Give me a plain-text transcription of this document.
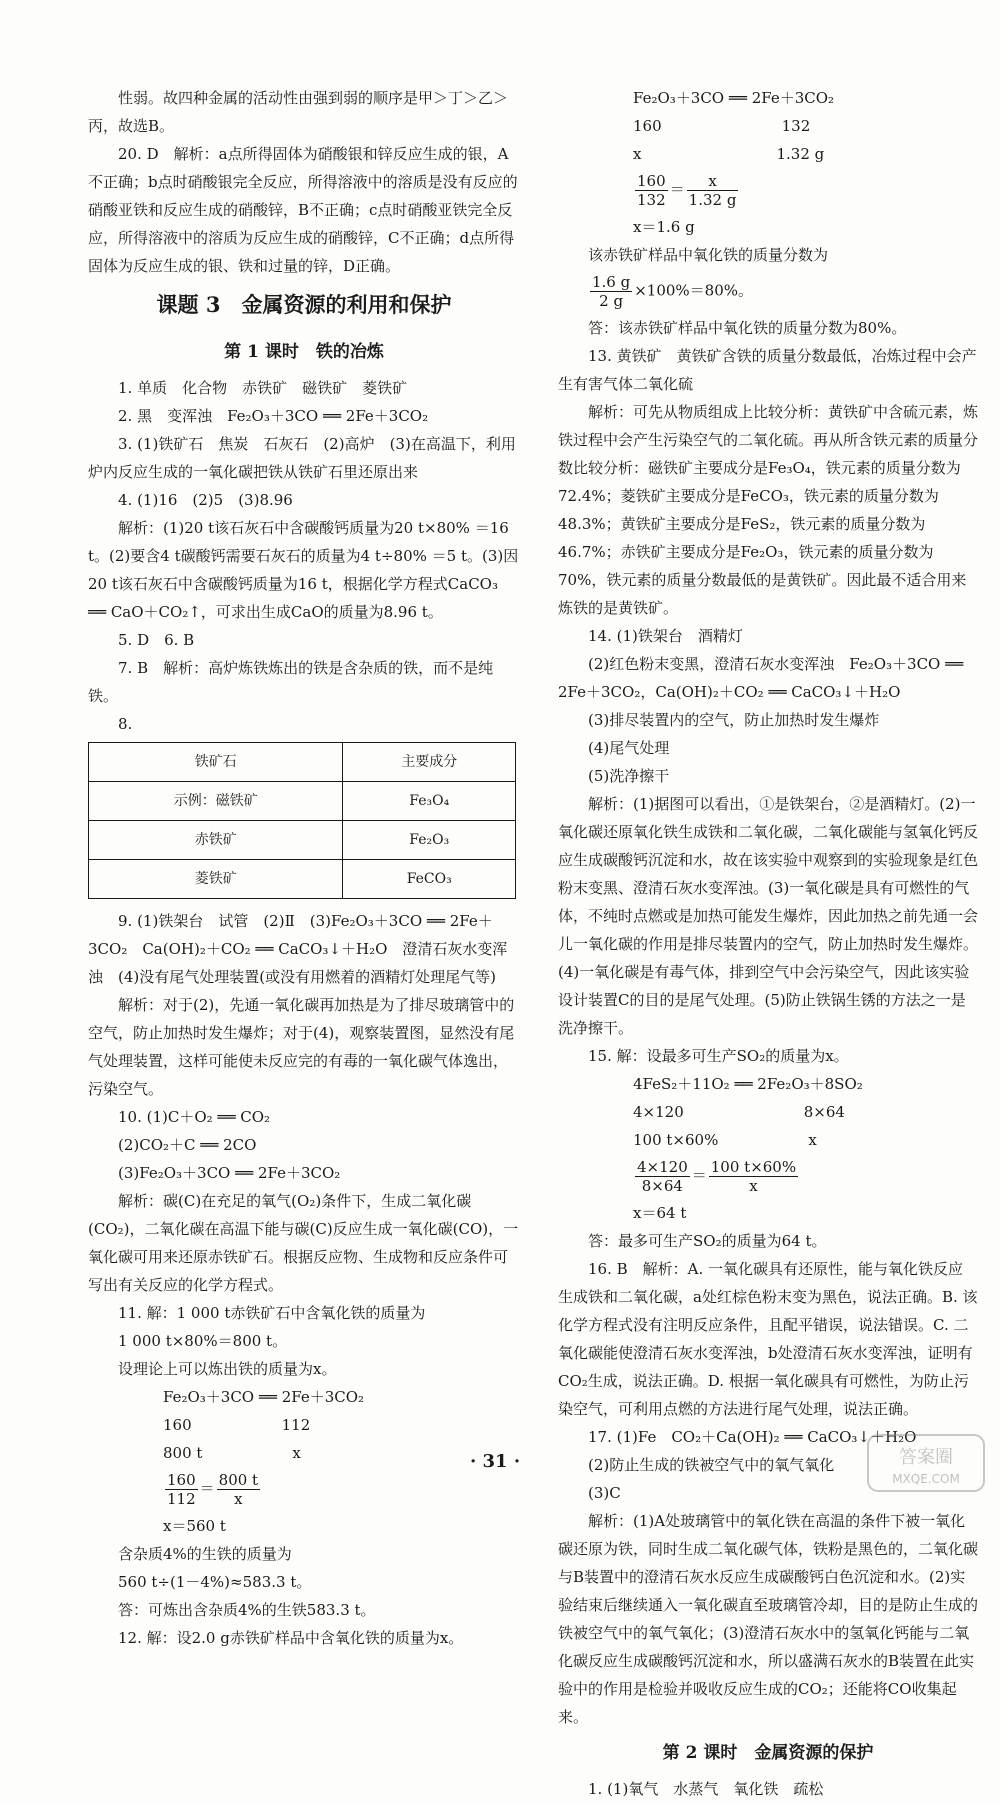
性弱。故四种金属的活动性由强到弱的顺序是甲＞丁＞乙＞丙，故选B。

20. D　解析：a点所得固体为硝酸银和锌反应生成的银，A不正确；b点时硝酸银完全反应，所得溶液中的溶质是没有反应的硝酸亚铁和反应生成的硝酸锌，B不正确；c点时硝酸亚铁完全反应，所得溶液中的溶质为反应生成的硝酸锌，C不正确；d点所得固体为反应生成的银、铁和过量的锌，D正确。

课题 3　金属资源的利用和保护
第 1 课时　铁的冶炼

1. 单质　化合物　赤铁矿　磁铁矿　菱铁矿

2. 黑　变浑浊　Fe₂O₃＋3CO ══ 2Fe＋3CO₂

3. (1)铁矿石　焦炭　石灰石　(2)高炉　(3)在高温下，利用炉内反应生成的一氧化碳把铁从铁矿石里还原出来

4. (1)16　(2)5　(3)8.96

解析：(1)20 t该石灰石中含碳酸钙质量为20 t×80% ＝16 t。(2)要含4 t碳酸钙需要石灰石的质量为4 t÷80% ＝5 t。(3)因20 t该石灰石中含碳酸钙质量为16 t，根据化学方程式CaCO₃ ══ CaO＋CO₂↑，可求出生成CaO的质量为8.96 t。

5. D　6. B

7. B　解析：高炉炼铁炼出的铁是含杂质的铁，而不是纯铁。

8.

铁矿石	主要成分
示例：磁铁矿	Fe₃O₄
赤铁矿	Fe₂O₃
菱铁矿	FeCO₃

9. (1)铁架台　试管　(2)Ⅱ　(3)Fe₂O₃＋3CO ══ 2Fe＋3CO₂　Ca(OH)₂＋CO₂ ══ CaCO₃↓＋H₂O　澄清石灰水变浑浊　(4)没有尾气处理装置(或没有用燃着的酒精灯处理尾气等)

解析：对于(2)，先通一氧化碳再加热是为了排尽玻璃管中的空气，防止加热时发生爆炸；对于(4)，观察装置图，显然没有尾气处理装置，这样可能使未反应完的有毒的一氧化碳气体逸出，污染空气。

10. (1)C＋O₂ ══ CO₂

(2)CO₂＋C ══ 2CO

(3)Fe₂O₃＋3CO ══ 2Fe＋3CO₂

解析：碳(C)在充足的氧气(O₂)条件下，生成二氧化碳(CO₂)，二氧化碳在高温下能与碳(C)反应生成一氧化碳(CO)，一氧化碳可用来还原赤铁矿石。根据反应物、生成物和反应条件可写出有关反应的化学方程式。

11. 解：1 000 t赤铁矿石中含氧化铁的质量为

1 000 t×80%＝800 t。

设理论上可以炼出铁的质量为x。

Fe₂O₃＋3CO ══ 2Fe＋3CO₂

160　　　　　　112

800 t　　　　　　x

$\frac{160}{112} = \frac{800 t}{x}$

x＝560 t

含杂质4%的生铁的质量为

560 t÷(1－4%)≈583.3 t。

答：可炼出含杂质4%的生铁583.3 t。

12. 解：设2.0 g赤铁矿样品中含氧化铁的质量为x。

Fe₂O₃＋3CO ══ 2Fe＋3CO₂

160　　　　　　　　132

x　　　　　　　　　1.32 g

$\frac{160}{132} = \frac{x}{1.32 g}$

x＝1.6 g

该赤铁矿样品中氧化铁的质量分数为

$\frac{1.6 g}{2 g} \times 100\%=80\%$。

答：该赤铁矿样品中氧化铁的质量分数为80%。

13. 黄铁矿　黄铁矿含铁的质量分数最低，冶炼过程中会产生有害气体二氧化硫

解析：可先从物质组成上比较分析：黄铁矿中含硫元素，炼铁过程中会产生污染空气的二氧化硫。再从所含铁元素的质量分数比较分析：磁铁矿主要成分是Fe₃O₄，铁元素的质量分数为72.4%；菱铁矿主要成分是FeCO₃，铁元素的质量分数为48.3%；黄铁矿主要成分是FeS₂，铁元素的质量分数为46.7%；赤铁矿主要成分是Fe₂O₃，铁元素的质量分数为70%，铁元素的质量分数最低的是黄铁矿。因此最不适合用来炼铁的是黄铁矿。

14. (1)铁架台　酒精灯

(2)红色粉末变黑，澄清石灰水变浑浊　Fe₂O₃＋3CO ══ 2Fe＋3CO₂，Ca(OH)₂＋CO₂ ══ CaCO₃↓＋H₂O

(3)排尽装置内的空气，防止加热时发生爆炸

(4)尾气处理

(5)洗净擦干

解析：(1)据图可以看出，①是铁架台，②是酒精灯。(2)一氧化碳还原氧化铁生成铁和二氧化碳，二氧化碳能与氢氧化钙反应生成碳酸钙沉淀和水，故在该实验中观察到的实验现象是红色粉末变黑、澄清石灰水变浑浊。(3)一氧化碳是具有可燃性的气体，不纯时点燃或是加热可能发生爆炸，因此加热之前先通一会儿一氧化碳的作用是排尽装置内的空气，防止加热时发生爆炸。(4)一氧化碳是有毒气体，排到空气中会污染空气，因此该实验设计装置C的目的是尾气处理。(5)防止铁锅生锈的方法之一是洗净擦干。

15. 解：设最多可生产SO₂的质量为x。

4FeS₂＋11O₂ ══ 2Fe₂O₃＋8SO₂

4×120　　　　　　　　8×64

100 t×60%　　　　　　x

$\frac{4\times 120}{8\times 64} = \frac{100 t\times 60\%}{x}$

x＝64 t

答：最多可生产SO₂的质量为64 t。

16. B　解析：A. 一氧化碳具有还原性，能与氧化铁反应生成铁和二氧化碳，a处红棕色粉末变为黑色，说法正确。B. 该化学方程式没有注明反应条件，且配平错误，说法错误。C. 二氧化碳能使澄清石灰水变浑浊，b处澄清石灰水变浑浊，证明有CO₂生成，说法正确。D. 根据一氧化碳具有可燃性，为防止污染空气，可利用点燃的方法进行尾气处理，说法正确。

17. (1)Fe　CO₂＋Ca(OH)₂ ══ CaCO₃↓＋H₂O

(2)防止生成的铁被空气中的氧气氧化

(3)C

解析：(1)A处玻璃管中的氧化铁在高温的条件下被一氧化碳还原为铁，同时生成二氧化碳气体，铁粉是黑色的，二氧化碳与B装置中的澄清石灰水反应生成碳酸钙白色沉淀和水。(2)实验结束后继续通入一氧化碳直至玻璃管冷却，目的是防止生成的铁被空气中的氧气氧化；(3)澄清石灰水中的氢氧化钙能与二氧化碳反应生成碳酸钙沉淀和水，所以盛满石灰水的B装置在此实验中的作用是检验并吸收反应生成的CO₂；还能将CO收集起来。

第 2 课时　金属资源的保护

1. (1)氧气　水蒸气　氧化铁　疏松

· 31 ·	答案圈
MXQE.COM
